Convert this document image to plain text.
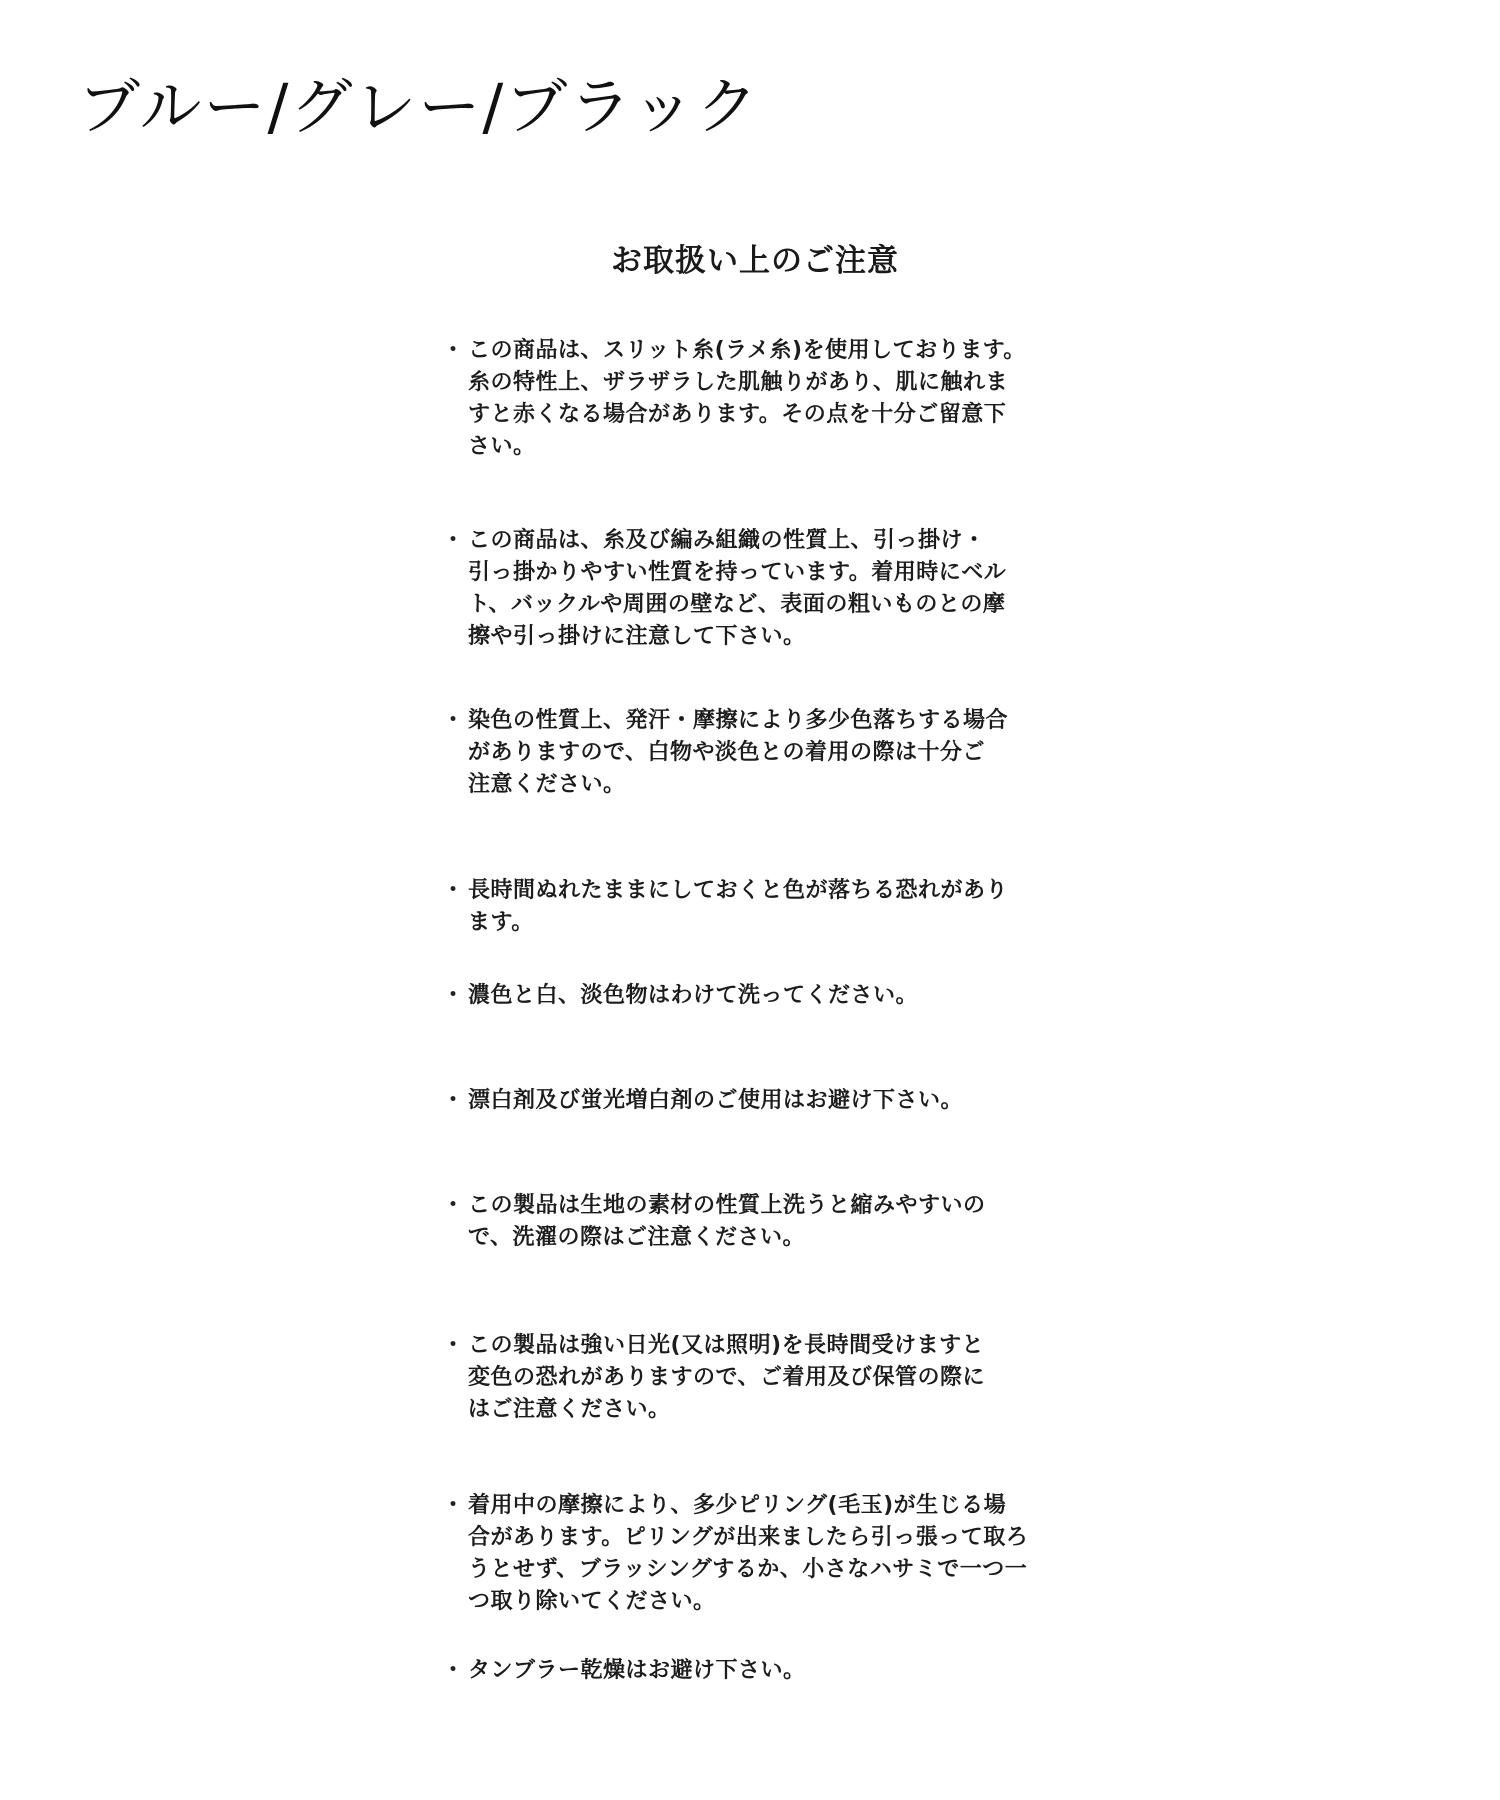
ブルー/グレー/ブラック
お取扱い上のご注意
・ この商品は、スリット糸(ラメ糸)を使用しております。
糸の特性上、ザラザラした肌触りがあり、肌に触れま
すと赤くなる場合があります。その点を十分ご留意下
さい。
・ この商品は、糸及び編み組織の性質上、引っ掛け・
引っ掛かりやすい性質を持っています。着用時にベル
ト、バックルや周囲の壁など、表面の粗いものとの摩
擦や引っ掛けに注意して下さい。
・ 染色の性質上、発汗・摩擦により多少色落ちする場合
がありますので、白物や淡色との着用の際は十分ご
注意ください。
・ 長時間ぬれたままにしておくと色が落ちる恐れがあり
ます。
・ 濃色と白、淡色物はわけて洗ってください。
・ 漂白剤及び蛍光増白剤のご使用はお避け下さい。
・ この製品は生地の素材の性質上洗うと縮みやすいの
で、洗濯の際はご注意ください。
・ この製品は強い日光(又は照明)を長時間受けますと
変色の恐れがありますので、ご着用及び保管の際に
はご注意ください。
・ 着用中の摩擦により、多少ピリング(毛玉)が生じる場
合があります。ピリングが出来ましたら引っ張って取ろ
うとせず、ブラッシングするか、小さなハサミで一つ一
つ取り除いてください。
・ タンブラー乾燥はお避け下さい。
